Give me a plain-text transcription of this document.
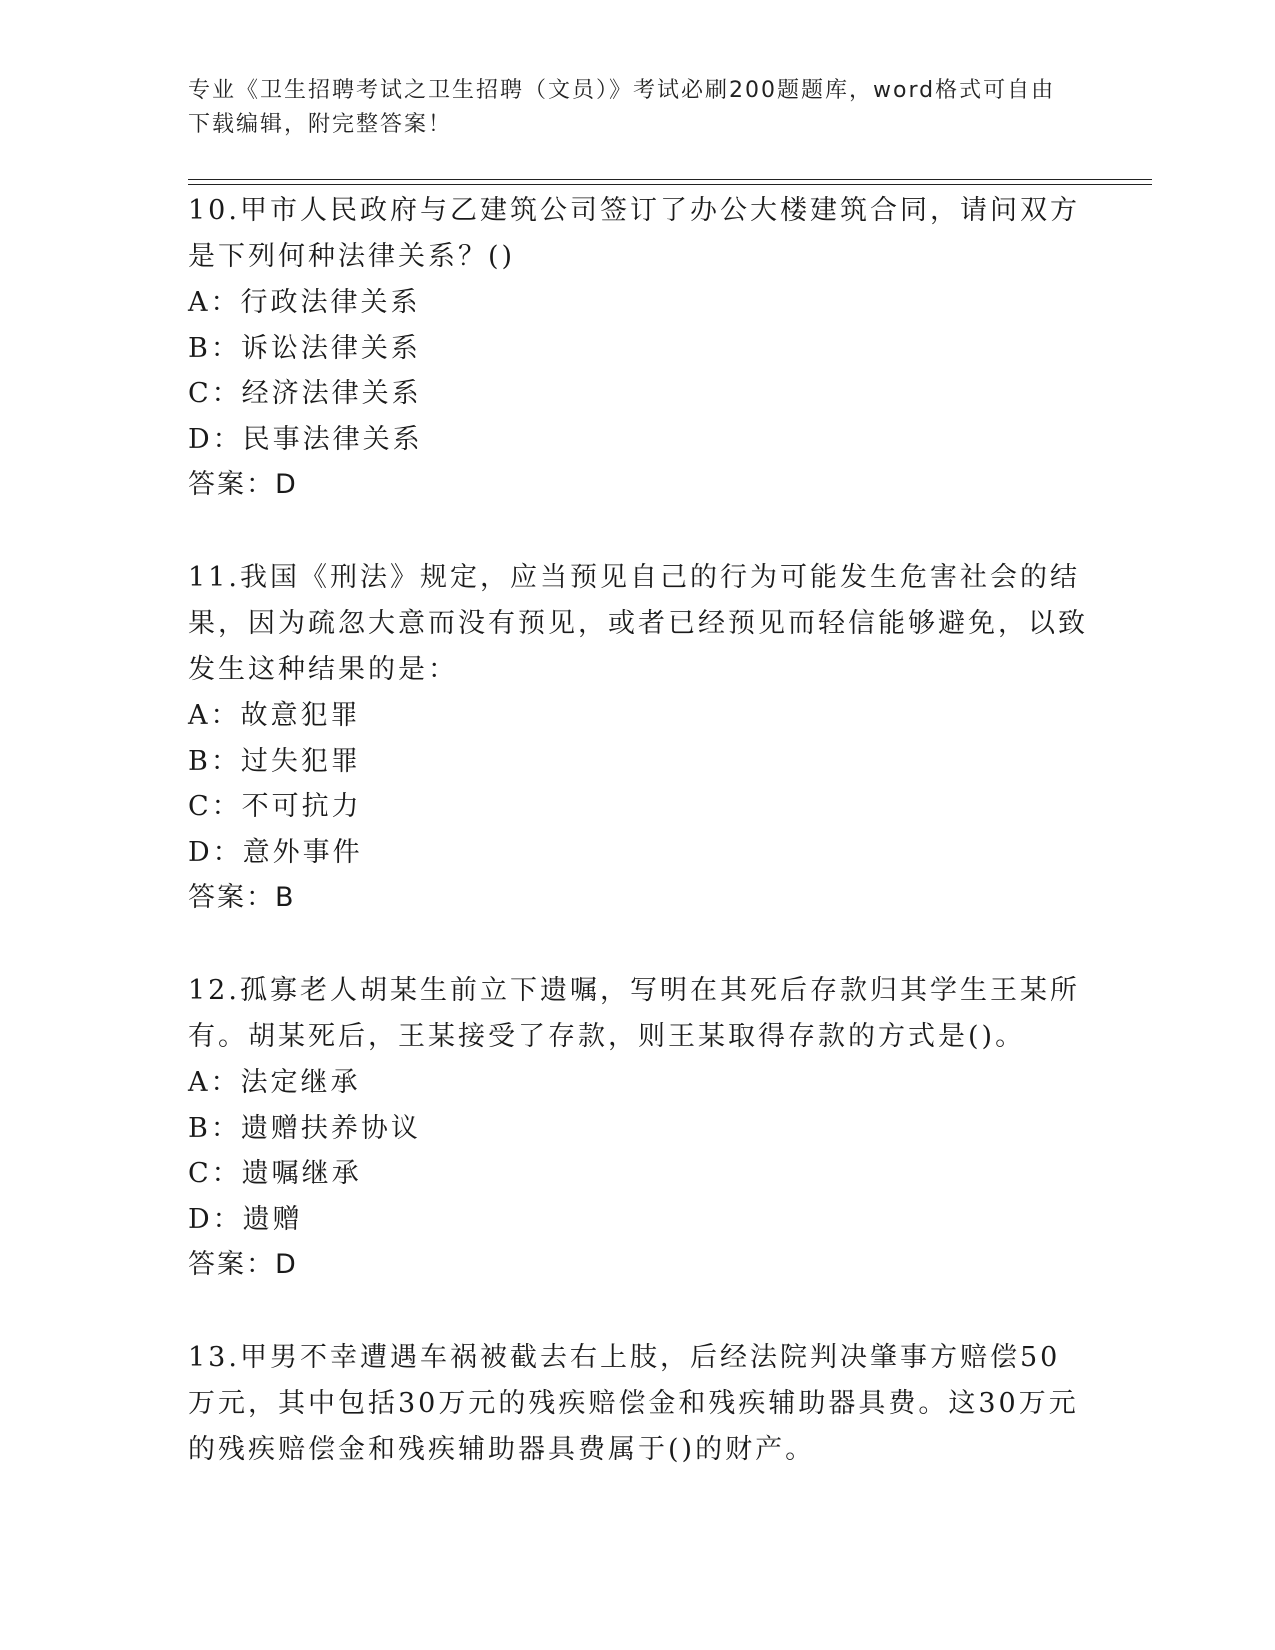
专业《卫生招聘考试之卫生招聘（文员）》考试必刷200题题库，word格式可自由下载编辑，附完整答案！

10.甲市人民政府与乙建筑公司签订了办公大楼建筑合同，请问双方是下列何种法律关系？()

A：行政法律关系

B：诉讼法律关系

C：经济法律关系

D：民事法律关系

答案：D

11.我国《刑法》规定，应当预见自己的行为可能发生危害社会的结果，因为疏忽大意而没有预见，或者已经预见而轻信能够避免，以致发生这种结果的是：

A：故意犯罪

B：过失犯罪

C：不可抗力

D：意外事件

答案：B

12.孤寡老人胡某生前立下遗嘱，写明在其死后存款归其学生王某所有。胡某死后，王某接受了存款，则王某取得存款的方式是()。

A：法定继承

B：遗赠扶养协议

C：遗嘱继承

D：遗赠

答案：D

13.甲男不幸遭遇车祸被截去右上肢，后经法院判决肇事方赔偿50万元，其中包括30万元的残疾赔偿金和残疾辅助器具费。这30万元的残疾赔偿金和残疾辅助器具费属于()的财产。
